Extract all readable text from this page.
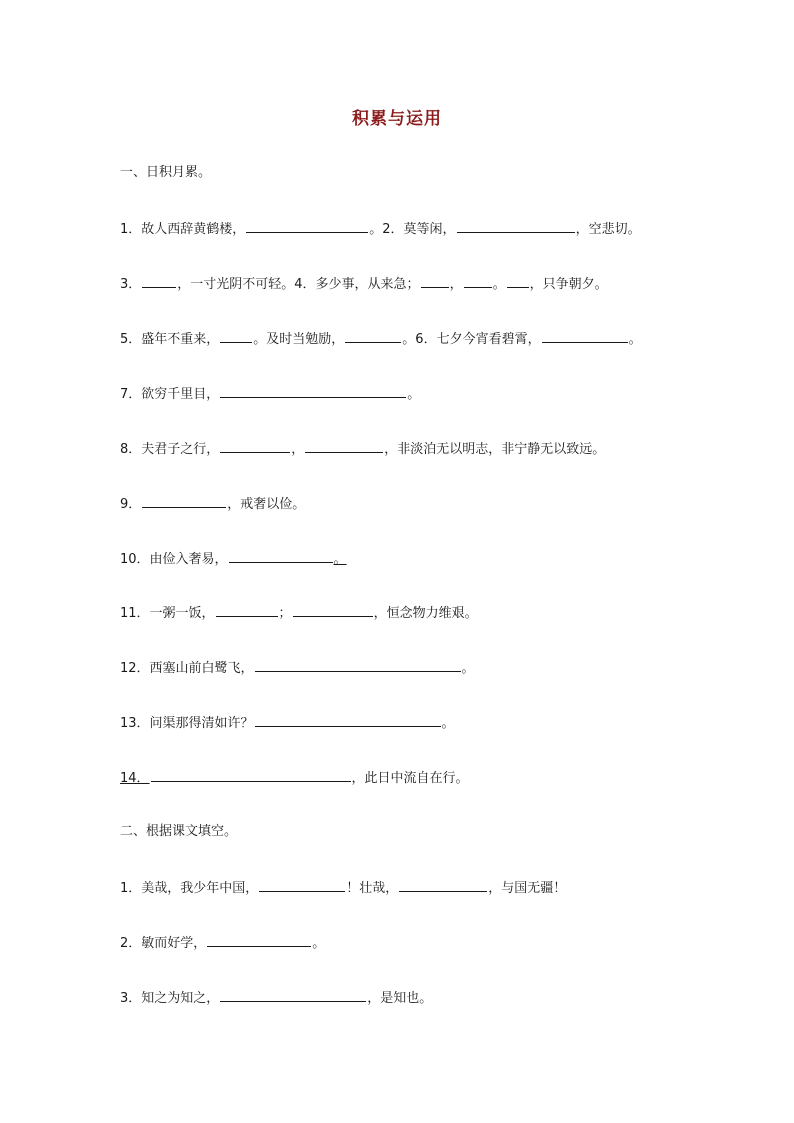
积累与运用
一、日积月累。
1．故人西辞黄鹤楼，	。2．莫等闲，	，空悲切。
3．	，一寸光阴不可轻。4．多少事，从来急； ， 。 ，只争朝夕。
5．盛年不重来，	。及时当勉励，	。6．七夕今宵看碧霄，	。
7．欲穷千里目，	。
8．夫君子之行，	，	，非淡泊无以明志，非宁静无以致远。
9．	，戒奢以俭。
10．由俭入奢易，	。
11．一粥一饭，	；	，恒念物力维艰。
12．西塞山前白鹭飞，	。
13．问渠那得清如许？	。
14．	，此日中流自在行。
二、根据课文填空。
1．美哉，我少年中国，	！壮哉，	，与国无疆！
2．敏而好学，	。
3．知之为知之，	，是知也。
